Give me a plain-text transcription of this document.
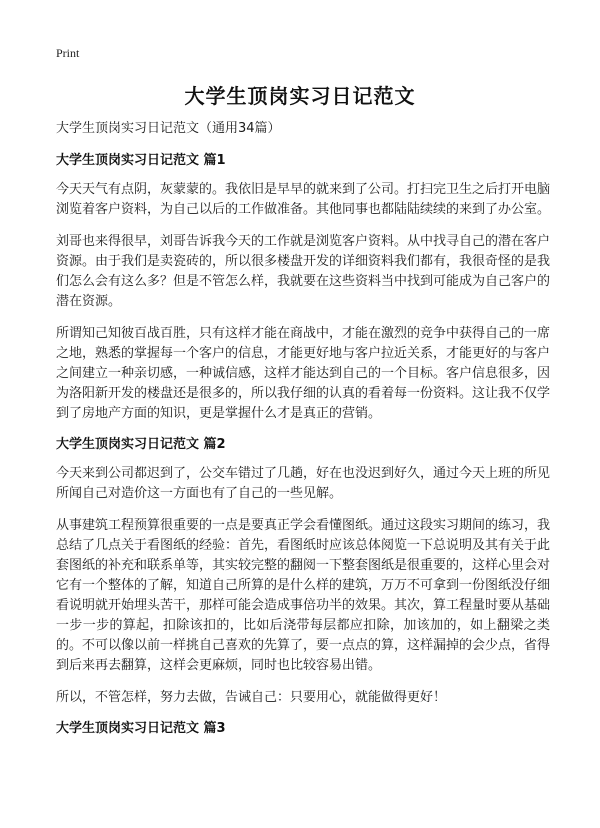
Print
大学生顶岗实习日记范文
大学生顶岗实习日记范文（通用34篇）
大学生顶岗实习日记范文 篇1

今天天气有点阴，灰蒙蒙的。我依旧是早早的就来到了公司。打扫完卫生之后打开电脑浏览着客户资料，为自己以后的工作做准备。其他同事也都陆陆续续的来到了办公室。

刘哥也来得很早，刘哥告诉我今天的工作就是浏览客户资料。从中找寻自己的潜在客户资源。由于我们是卖瓷砖的，所以很多楼盘开发的详细资料我们都有，我很奇怪的是我们怎么会有这么多？但是不管怎么样，我就要在这些资料当中找到可能成为自己客户的潜在资源。

所谓知己知彼百战百胜，只有这样才能在商战中，才能在激烈的竞争中获得自己的一席之地，熟悉的掌握每一个客户的信息，才能更好地与客户拉近关系，才能更好的与客户之间建立一种亲切感，一种诚信感，这样才能达到自己的一个目标。客户信息很多，因为洛阳新开发的楼盘还是很多的，所以我仔细的认真的看着每一份资料。这让我不仅学到了房地产方面的知识，更是掌握什么才是真正的营销。

大学生顶岗实习日记范文 篇2

今天来到公司都迟到了，公交车错过了几趟，好在也没迟到好久，通过今天上班的所见所闻自己对造价这一方面也有了自己的一些见解。

从事建筑工程预算很重要的一点是要真正学会看懂图纸。通过这段实习期间的练习，我总结了几点关于看图纸的经验：首先，看图纸时应该总体阅览一下总说明及其有关于此套图纸的补充和联系单等，其实较完整的翻阅一下整套图纸是很重要的，这样心里会对它有一个整体的了解，知道自己所算的是什么样的建筑，万万不可拿到一份图纸没仔细看说明就开始埋头苦干，那样可能会造成事倍功半的效果。其次，算工程量时要从基础一步一步的算起，扣除该扣的，比如后浇带每层都应扣除，加该加的，如上翻梁之类的。不可以像以前一样挑自己喜欢的先算了，要一点点的算，这样漏掉的会少点，省得到后来再去翻算，这样会更麻烦，同时也比较容易出错。

所以，不管怎样，努力去做，告诫自己：只要用心，就能做得更好！

大学生顶岗实习日记范文 篇3
